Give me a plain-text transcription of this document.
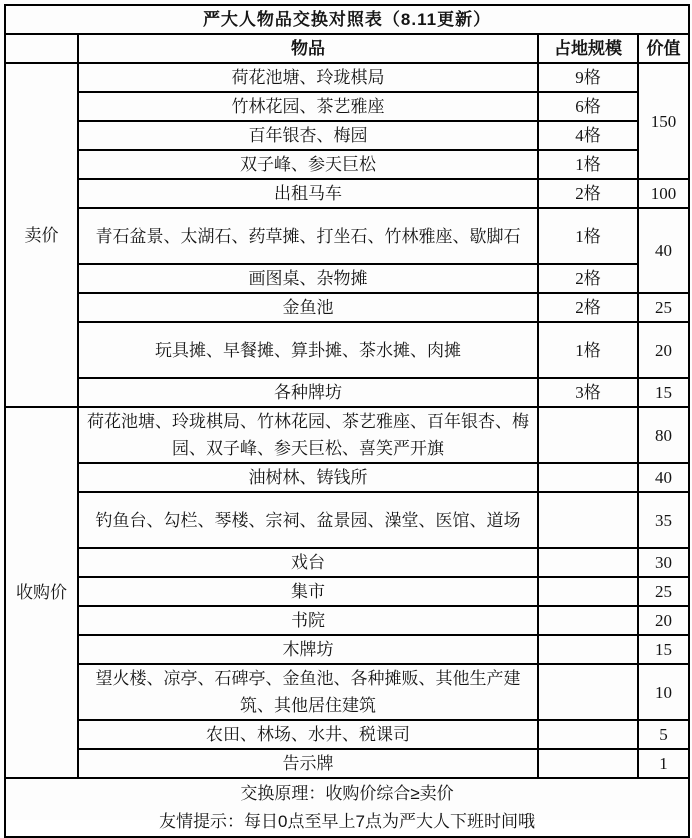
严大人物品交换对照表（8.11更新）			
	物品	占地规模	价值
卖价	荷花池塘、玲珑棋局	9格	150
	竹林花园、茶艺雅座	6格	
	百年银杏、梅园	4格	
	双子峰、参天巨松	1格	
	出租马车	2格	100
	青石盆景、太湖石、药草摊、打坐石、竹林雅座、歇脚石	1格	40
	画图桌、杂物摊	2格	
	金鱼池	2格	25
	玩具摊、早餐摊、算卦摊、茶水摊、肉摊	1格	20
	各种牌坊	3格	15
收购价	荷花池塘、玲珑棋局、竹林花园、茶艺雅座、百年银杏、梅园、双子峰、参天巨松、喜笑严开旗		80
	油树林、铸钱所		40
	钓鱼台、勾栏、琴楼、宗祠、盆景园、澡堂、医馆、道场		35
	戏台		30
	集市		25
	书院		20
	木牌坊		15
	望火楼、凉亭、石碑亭、金鱼池、各种摊贩、其他生产建筑、其他居住建筑		10
	农田、林场、水井、税课司		5
	告示牌		1

交换原理：收购价综合≥卖价
友情提示：每日0点至早上7点为严大人下班时间哦			
